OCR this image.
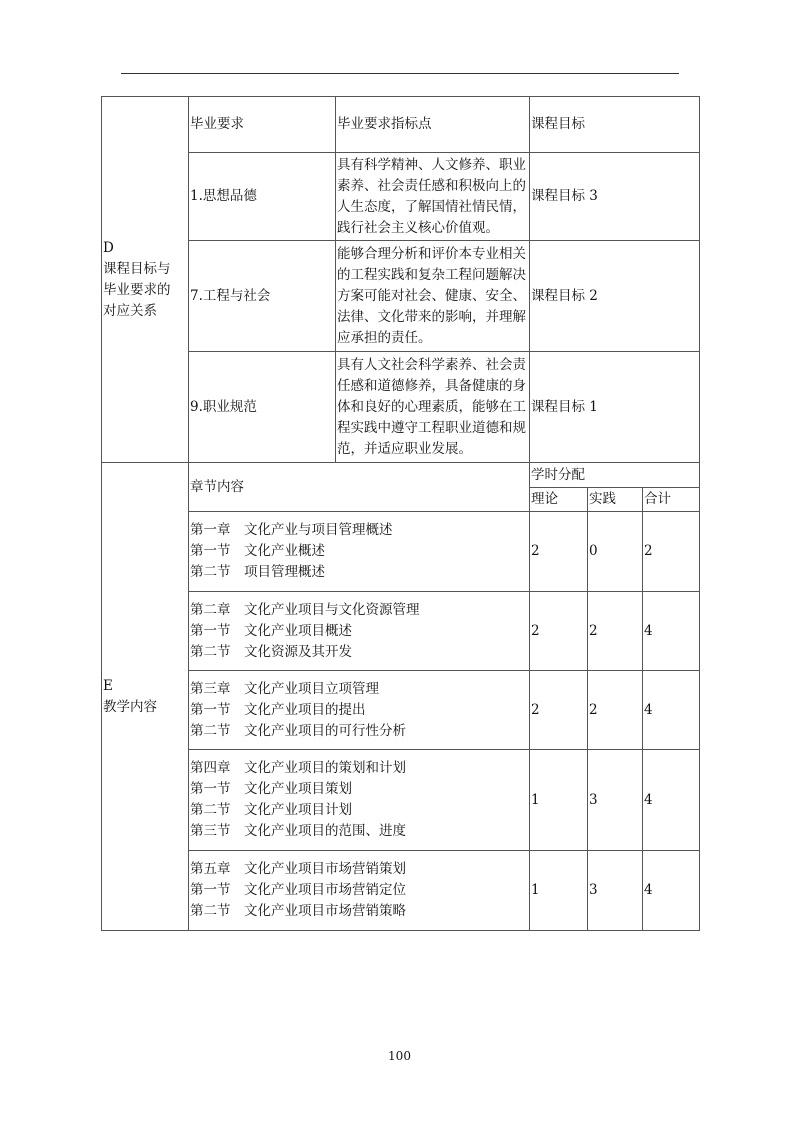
D
课程目标与
毕业要求的
对应关系	毕业要求	毕业要求指标点	课程目标		
	1.思想品德	具有科学精神、人文修养、职业素养、社会责任感和积极向上的人生态度，了解国情社情民情，践行社会主义核心价值观。	课程目标 3		
	7.工程与社会	能够合理分析和评价本专业相关的工程实践和复杂工程问题解决方案可能对社会、健康、安全、法律、文化带来的影响，并理解应承担的责任。	课程目标 2		
	9.职业规范	具有人文社会科学素养、社会责任感和道德修养，具备健康的身体和良好的心理素质，能够在工程实践中遵守工程职业道德和规范，并适应职业发展。	课程目标 1		
E
教学内容	章节内容		学时分配		
			理论	实践	合计

	第一章　文化产业与项目管理概述
第一节　文化产业概述
第二节　项目管理概述		2	0	2

	第二章　文化产业项目与文化资源管理
第一节　文化产业项目概述
第二节　文化资源及其开发		2	2	4

	第三章　文化产业项目立项管理
第一节　文化产业项目的提出
第二节　文化产业项目的可行性分析		2	2	4

	第四章　文化产业项目的策划和计划
第一节　文化产业项目策划
第二节　文化产业项目计划
第三节　文化产业项目的范围、进度		1	3	4

	第五章　文化产业项目市场营销策划
第一节　文化产业项目市场营销定位
第二节　文化产业项目市场营销策略		1	3	4
100
